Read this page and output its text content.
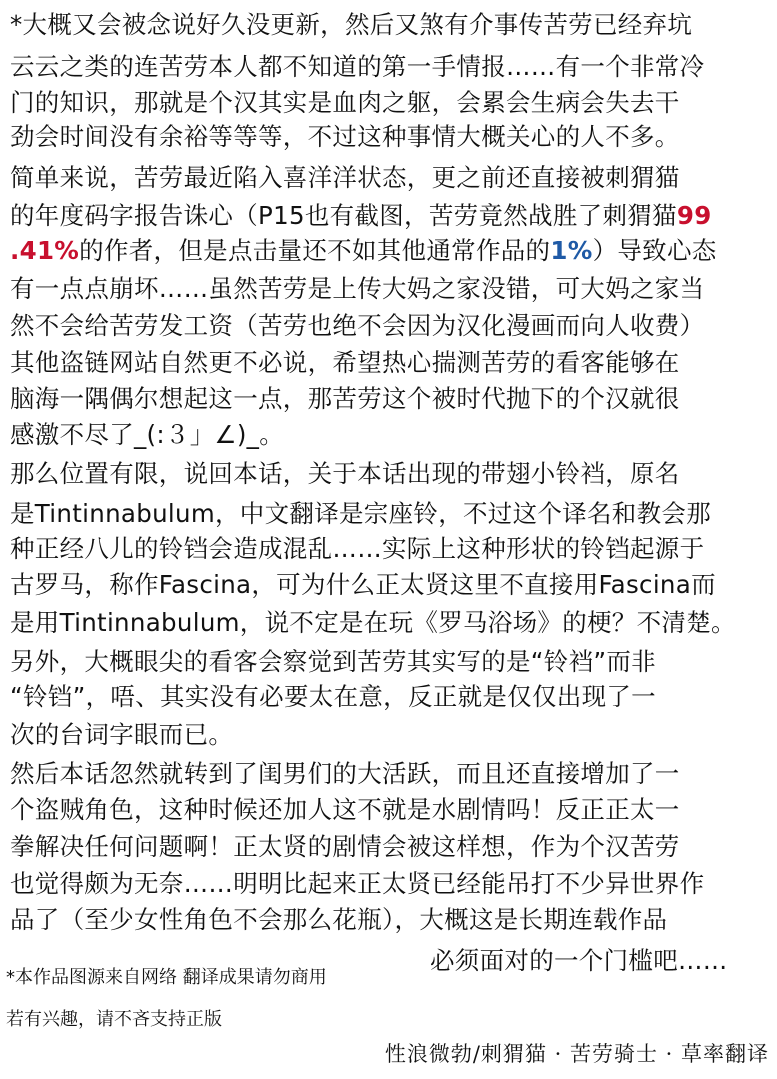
*大概又会被念说好久没更新，然后又煞有介事传苦劳已经弃坑
云云之类的连苦劳本人都不知道的第一手情报……有一个非常冷
门的知识，那就是个汉其实是血肉之躯，会累会生病会失去干
劲会时间没有余裕等等等，不过这种事情大概关心的人不多。
简单来说，苦劳最近陷入喜洋洋状态，更之前还直接被刺猬猫
的年度码字报告诛心（P15也有截图，苦劳竟然战胜了刺猬猫99
.41%的作者，但是点击量还不如其他通常作品的1%）导致心态
有一点点崩坏……虽然苦劳是上传大妈之家没错，可大妈之家当
然不会给苦劳发工资（苦劳也绝不会因为汉化漫画而向人收费）
其他盗链网站自然更不必说，希望热心揣测苦劳的看客能够在
脑海一隅偶尔想起这一点，那苦劳这个被时代抛下的个汉就很
感激不尽了_(:３」∠)_。
那么位置有限，说回本话，关于本话出现的带翅小铃裆，原名
是Tintinnabulum，中文翻译是宗座铃，不过这个译名和教会那
种正经八儿的铃铛会造成混乱……实际上这种形状的铃铛起源于
古罗马，称作Fascina，可为什么正太贤这里不直接用Fascina而
是用Tintinnabulum，说不定是在玩《罗马浴场》的梗？不清楚。
另外，大概眼尖的看客会察觉到苦劳其实写的是“铃裆”而非
“铃铛”，唔、其实没有必要太在意，反正就是仅仅出现了一
次的台词字眼而已。
然后本话忽然就转到了闺男们的大活跃，而且还直接增加了一
个盗贼角色，这种时候还加人这不就是水剧情吗！反正正太一
拳解决任何问题啊！正太贤的剧情会被这样想，作为个汉苦劳
也觉得颇为无奈……明明比起来正太贤已经能吊打不少异世界作
品了（至少女性角色不会那么花瓶），大概这是长期连载作品
必须面对的一个门槛吧……
*本作品图源来自网络 翻译成果请勿商用
若有兴趣，请不吝支持正版
性浪微勃/刺猬猫 · 苦劳骑士 · 草率翻译
